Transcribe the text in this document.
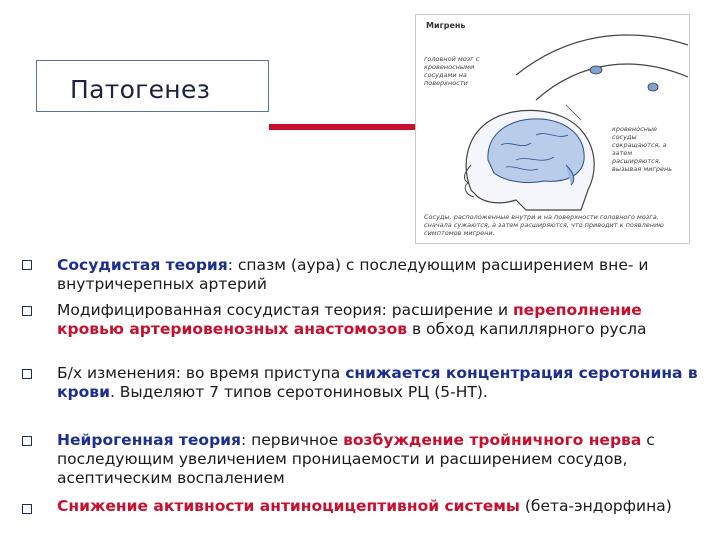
Патогенез
Мигрень
головной мозг с кровеносными сосудами на поверхности
кровеносные сосуды сокращаются, а затем расширяются, вызывая мигрень
Сосуды, расположенные внутри и на поверхности головного мозга, сначала сужаются, а затем расширяются, что приводит к появлению симптомов мигрени.
Сосудистая теория: спазм (аура) с последующим расширением вне- и внутричерепных артерий
Модифицированная сосудистая теория: расширение и переполнение кровью артериовенозных анастомозов в обход капиллярного русла
Б/х изменения: во время приступа снижается концентрация серотонина в крови. Выделяют 7 типов серотониновых РЦ (5-НТ).
Нейрогенная теория: первичное возбуждение тройничного нерва с последующим увеличением проницаемости и расширением сосудов, асептическим воспалением
Снижение активности антиноцицептивной системы (бета-эндорфина)
